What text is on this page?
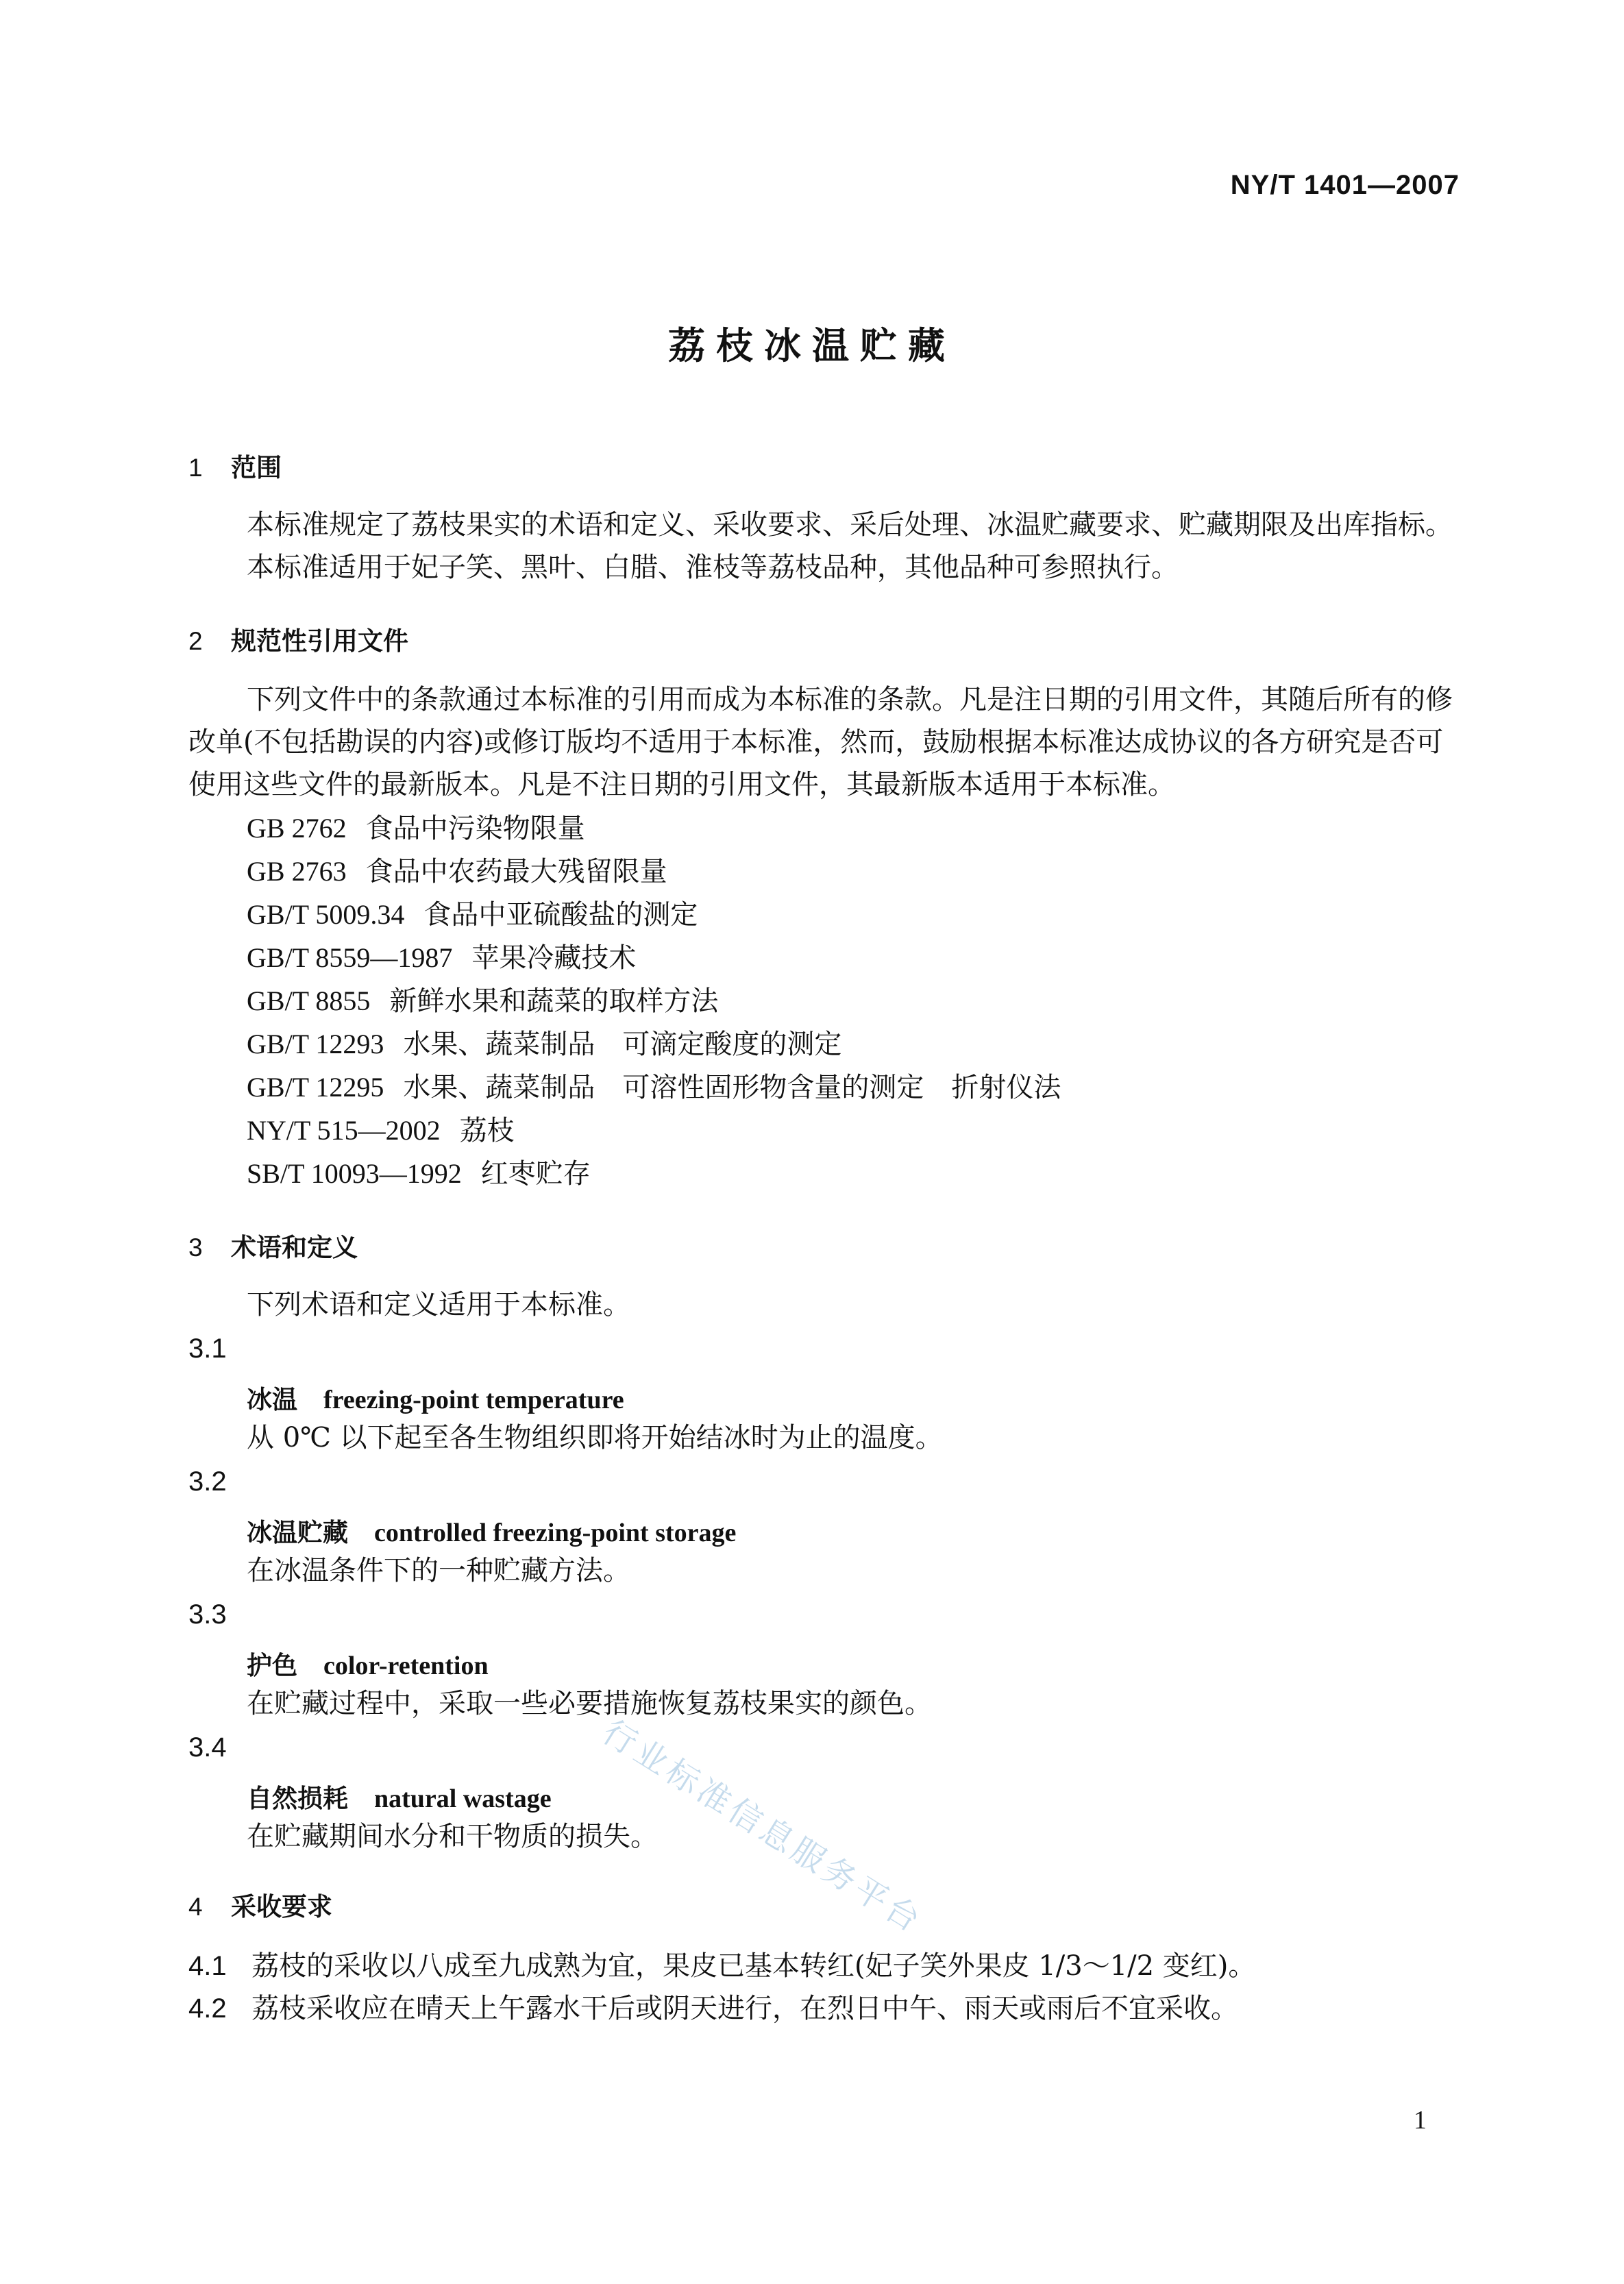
NY/T 1401—2007
荔枝冰温贮藏
1 范围
本标准规定了荔枝果实的术语和定义、采收要求、采后处理、冰温贮藏要求、贮藏期限及出库指标。
本标准适用于妃子笑、黑叶、白腊、淮枝等荔枝品种，其他品种可参照执行。
2 规范性引用文件
下列文件中的条款通过本标准的引用而成为本标准的条款。凡是注日期的引用文件，其随后所有的修改单(不包括勘误的内容)或修订版均不适用于本标准，然而，鼓励根据本标准达成协议的各方研究是否可使用这些文件的最新版本。凡是不注日期的引用文件，其最新版本适用于本标准。
GB 2762 食品中污染物限量
GB 2763 食品中农药最大残留限量
GB/T 5009.34 食品中亚硫酸盐的测定
GB/T 8559—1987 苹果冷藏技术
GB/T 8855 新鲜水果和蔬菜的取样方法
GB/T 12293 水果、蔬菜制品　可滴定酸度的测定
GB/T 12295 水果、蔬菜制品　可溶性固形物含量的测定　折射仪法
NY/T 515—2002 荔枝
SB/T 10093—1992 红枣贮存
3 术语和定义
下列术语和定义适用于本标准。
3.1
冰温 freezing-point temperature
从 0℃ 以下起至各生物组织即将开始结冰时为止的温度。
3.2
冰温贮藏 controlled freezing-point storage
在冰温条件下的一种贮藏方法。
3.3
护色 color-retention
在贮藏过程中，采取一些必要措施恢复荔枝果实的颜色。
3.4
自然损耗 natural wastage
在贮藏期间水分和干物质的损失。
4 采收要求
4.1 荔枝的采收以八成至九成熟为宜，果皮已基本转红(妃子笑外果皮 1/3～1/2 变红)。
4.2 荔枝采收应在晴天上午露水干后或阴天进行，在烈日中午、雨天或雨后不宜采收。
行业标准信息服务平台
1
